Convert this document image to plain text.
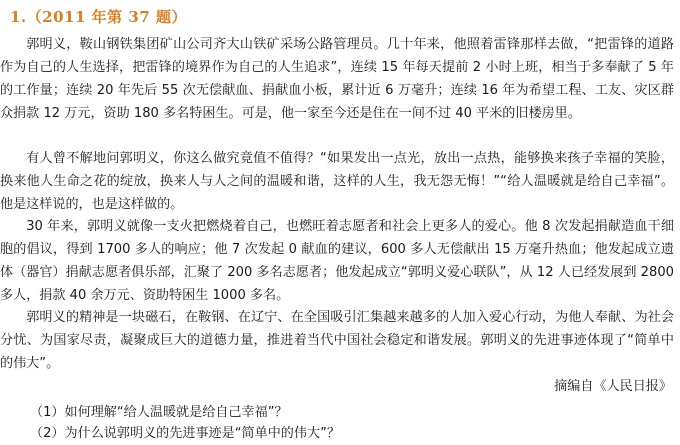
1.（2011 年第 37 题）

郭明义，鞍山钢铁集团矿山公司齐大山铁矿采场公路管理员。几十年来，他照着雷锋那样去做，“把雷锋的道路作为自己的人生选择，把雷锋的境界作为自己的人生追求”，连续 15 年每天提前 2 小时上班，相当于多奉献了 5 年的工作量；连续 20 年先后 55 次无偿献血、捐献血小板，累计近 6 万毫升；连续 16 年为希望工程、工友、灾区群众捐款 12 万元，资助 180 多名特困生。可是，他一家至今还是住在一间不过 40 平米的旧楼房里。

有人曾不解地问郭明义，你这么做究竟值不值得？“如果发出一点光，放出一点热，能够换来孩子幸福的笑脸，换来他人生命之花的绽放，换来人与人之间的温暖和谐，这样的人生，我无怨无悔！”“给人温暖就是给自己幸福”。他是这样说的，也是这样做的。

30 年来，郭明义就像一支火把燃烧着自己，也燃旺着志愿者和社会上更多人的爱心。他 8 次发起捐献造血干细胞的倡议，得到 1700 多人的响应；他 7 次发起 0 献血的建议，600 多人无偿献出 15 万毫升热血；他发起成立遗体（器官）捐献志愿者俱乐部，汇聚了 200 多名志愿者；他发起成立“郭明义爱心联队”，从 12 人已经发展到 2800 多人，捐款 40 余万元、资助特困生 1000 多名。

郭明义的精神是一块磁石，在鞍钢、在辽宁、在全国吸引汇集越来越多的人加入爱心行动，为他人奉献、为社会分忧、为国家尽责，凝聚成巨大的道德力量，推进着当代中国社会稳定和谐发展。郭明义的先进事迹体现了“简单中的伟大”。

摘编自《人民日报》
（1）如何理解“给人温暖就是给自己幸福”？
（2）为什么说郭明义的先进事迹是“简单中的伟大”？
